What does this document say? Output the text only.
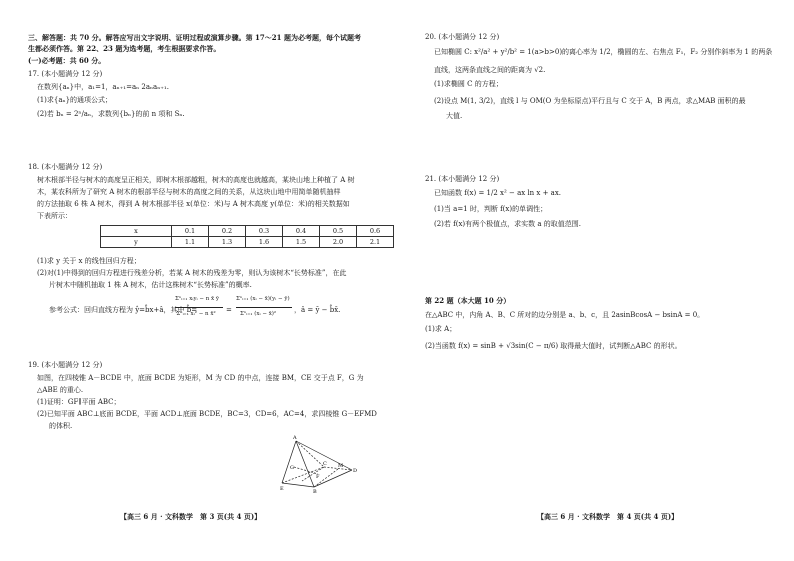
三、解答题：共 70 分。解答应写出文字说明、证明过程或演算步骤。第 17～21 题为必考题，每个试题考
生都必须作答。第 22、23 题为选考题，考生根据要求作答。
(一)必考题：共 60 分。
17. (本小题满分 12 分)
在数列{aₙ}中，a₁=1，aₙ₊₁=aₙ 2aₙaₙ₊₁.
(1)求{aₙ}的通项公式；
(2)若 bₙ = 2ⁿ/aₙ，求数列{bₙ}的前 n 项和 Sₙ.
18. (本小题满分 12 分)
树木根部半径与树木的高度呈正相关，即树木根部越粗，树木的高度也就越高，某块山地上种植了 A 树
木，某农科所为了研究 A 树木的根部半径与树木的高度之间的关系，从这块山地中用简单随机抽样
的方法抽取 6 株 A 树木，得到 A 树木根部半径 x(单位：米)与 A 树木高度 y(单位：米)的相关数据如
下表所示：
x	0.1	0.2	0.3	0.4	0.5	0.6
y	1.1	1.3	1.6	1.5	2.0	2.1
(1)求 y 关于 x 的线性回归方程；
(2)对(1)中得到的回归方程进行残差分析，若某 A 树木的残差为零，则认为该树木“长势标准”，在此
片树木中随机抽取 1 株 A 树木，估计这株树木“长势标准”的概率.
参考公式：回归直线方程为 ŷ=b̂x+â，其中 b̂=
Σⁿᵢ₌₁ xᵢyᵢ − n x̄ ȳ
Σⁿᵢ₌₁ xᵢ² − n x̄² =
Σⁿᵢ₌₁ (xᵢ − x̄)(yᵢ − ȳ)
Σⁿᵢ₌₁ (xᵢ − x̄)²	，â = ȳ − b̂x̄.
19. (本小题满分 12 分)
如图，在四棱锥 A－BCDE 中，底面 BCDE 为矩形，M 为 CD 的中点，连接 BM，CE 交于点 F，G 为
△ABE 的重心.
(1)证明：GF∥平面 ABC；
(2)已知平面 ABC⊥底面 BCDE，平面 ACD⊥底面 BCDE，BC=3，CD=6，AC=4，求四棱锥 G－EFMD
的体积.
A
E	B
D
C M
F
G
【高三 6 月 · 文科数学　第 3 页(共 4 页)】
20. (本小题满分 12 分)
已知椭圆 C: x²/a² + y²/b² = 1(a>b>0)的离心率为 1/2，椭圆的左、右焦点 F₁，F₂ 分别作斜率为 1 的两条
直线，这两条直线之间的距离为 √2.
(1)求椭圆 C 的方程；
(2)设点 M(1, 3/2)，直线 l 与 OM(O 为坐标原点)平行且与 C 交于 A，B 两点，求△MAB 面积的最
大值.
21. (本小题满分 12 分)
已知函数 f(x) = 1/2 x² − ax ln x + ax.
(1)当 a=1 时，判断 f(x)的单调性；
(2)若 f(x)有两个极值点，求实数 a 的取值范围.
第 22 题（本大题 10 分）
在△ABC 中，内角 A、B、C 所对的边分别是 a、b、c，且 2asinBcosA − bsinA = 0。
(1)求 A；
(2)当函数 f(x) = sinB + √3sin(C − π/6) 取得最大值时，试判断△ABC 的形状。
【高三 6 月 · 文科数学　第 4 页(共 4 页)】
